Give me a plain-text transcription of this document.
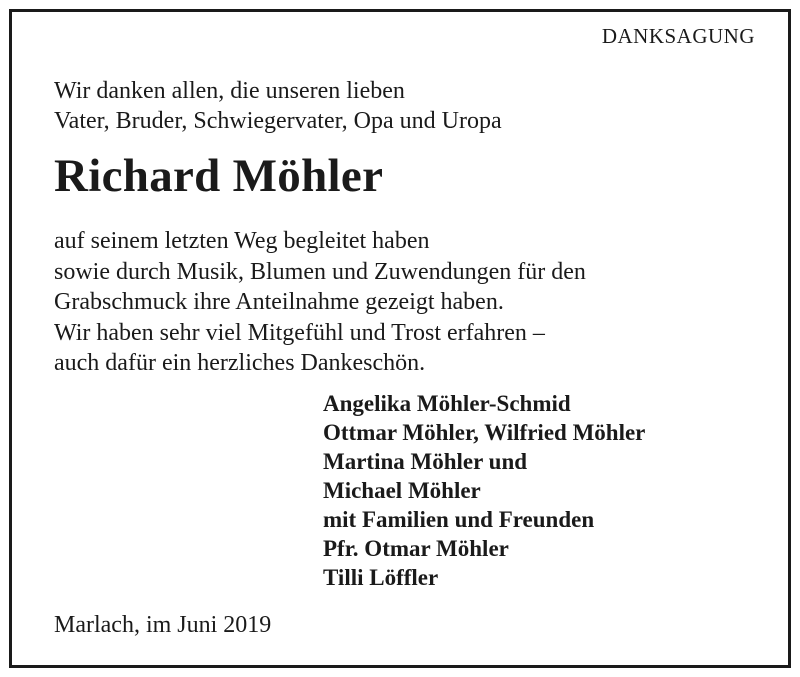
DANKSAGUNG
Wir danken allen, die unseren lieben
Vater, Bruder, Schwiegervater, Opa und Uropa
Richard Möhler
auf seinem letzten Weg begleitet haben
sowie durch Musik, Blumen und Zuwendungen für den
Grabschmuck ihre Anteilnahme gezeigt haben.
Wir haben sehr viel Mitgefühl und Trost erfahren –
auch dafür ein herzliches Dankeschön.
Angelika Möhler-Schmid
Ottmar Möhler, Wilfried Möhler
Martina Möhler und
Michael Möhler
mit Familien und Freunden
Pfr. Otmar Möhler
Tilli Löffler
Marlach, im Juni 2019
